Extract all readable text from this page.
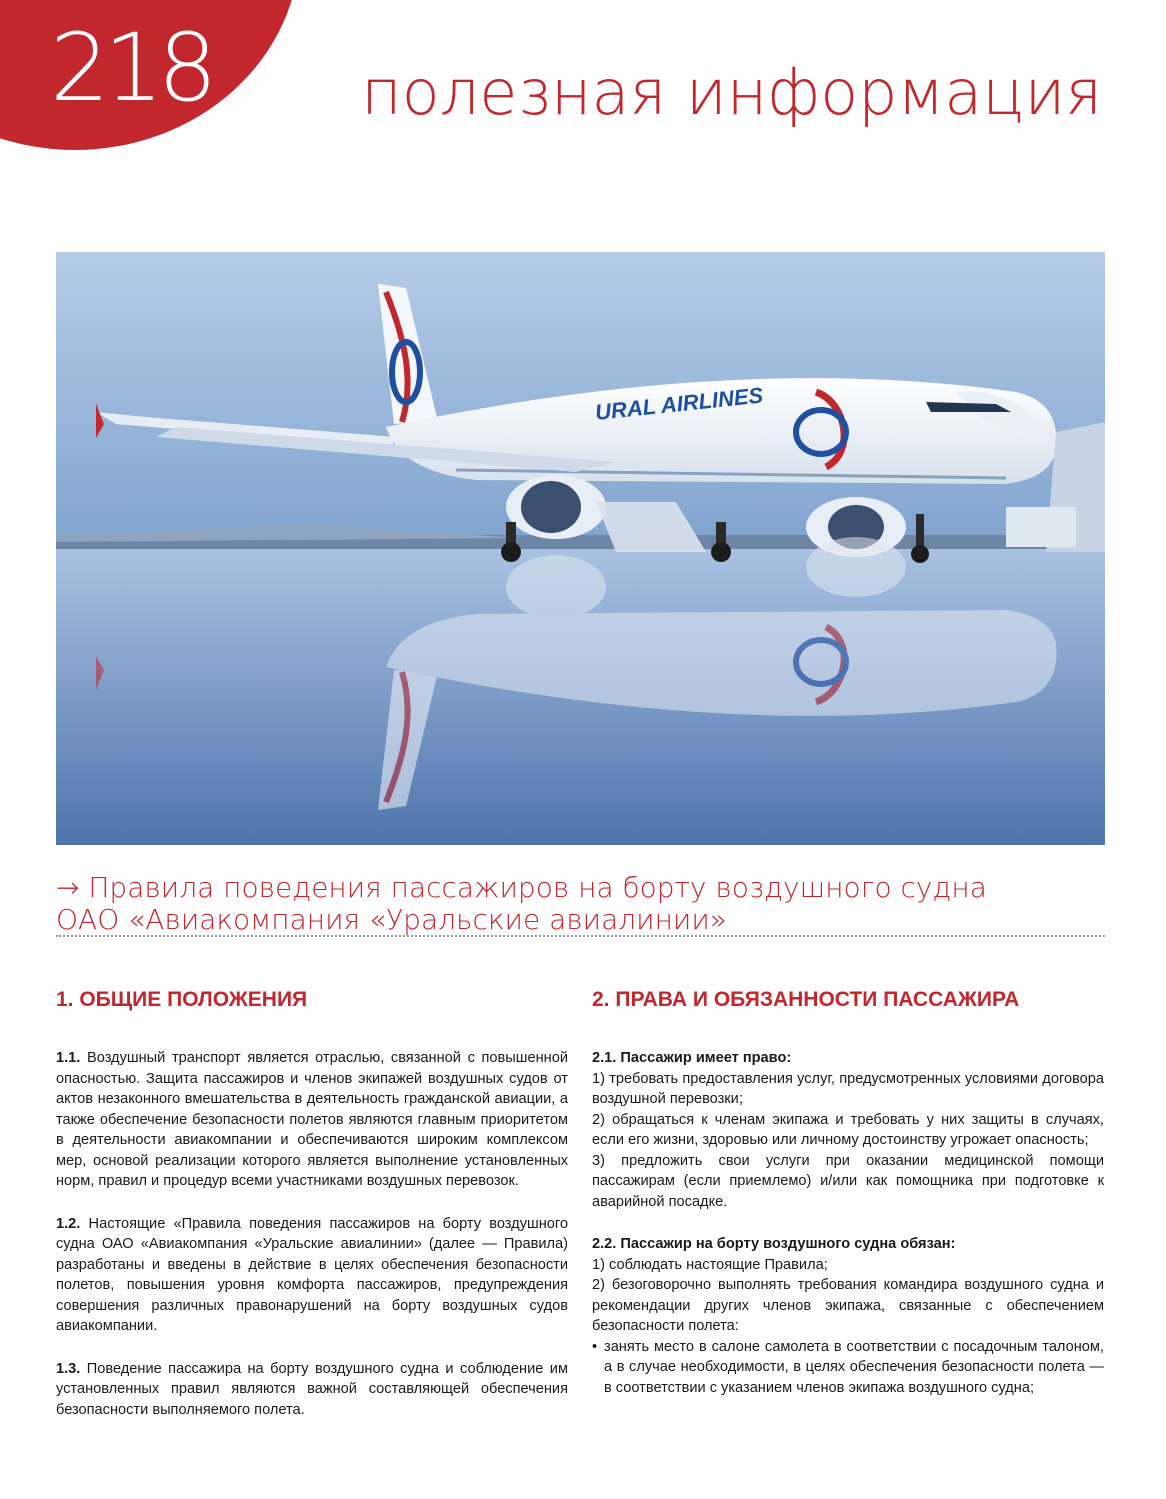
218 полезная информация
URAL AIRLINES
→ Правила поведения пассажиров на борту воздушного судна
ОАО «Авиакомпания «Уральские авиалинии»
1. ОБЩИЕ ПОЛОЖЕНИЯ

1.1. Воздушный транспорт является отраслью, связанной с повышенной опасностью. Защита пассажиров и членов экипажей воздушных судов от актов незаконного вмешательства в деятельность гражданской авиации, а также обеспечение безопасности полетов являются главным приоритетом в деятельности авиакомпании и обеспечиваются широким комплексом мер, основой реализации которого является выполнение установленных норм, правил и процедур всеми участниками воздушных перевозок.

1.2. Настоящие «Правила поведения пассажиров на борту воздушного судна ОАО «Авиакомпания «Уральские авиалинии» (далее — Правила) разработаны и введены в действие в целях обеспечения безопасности полетов, повышения уровня комфорта пассажиров, предупреждения совершения различных правонарушений на борту воздушных судов авиакомпании.

1.3. Поведение пассажира на борту воздушного судна и соблюдение им установленных правил являются важной составляющей обеспечения безопасности выполняемого полета.

2. ПРАВА И ОБЯЗАННОСТИ ПАССАЖИРА

2.1. Пассажир имеет право:

1) требовать предоставления услуг, предусмотренных условиями договора воздушной перевозки;

2) обращаться к членам экипажа и требовать у них защиты в случаях, если его жизни, здоровью или личному достоинству угрожает опасность;

3) предложить свои услуги при оказании медицинской помощи пассажирам (если приемлемо) и/или как помощника при подготовке к аварийной посадке.

2.2. Пассажир на борту воздушного судна обязан:

1) соблюдать настоящие Правила;

2) безоговорочно выполнять требования командира воздушного судна и рекомендации других членов экипажа, связанные с обеспечением безопасности полета:

• занять место в салоне самолета в соответствии с посадочным талоном, а в случае необходимости, в целях обеспечения безопасности полета — в соответствии с указанием членов экипажа воздушного судна;
